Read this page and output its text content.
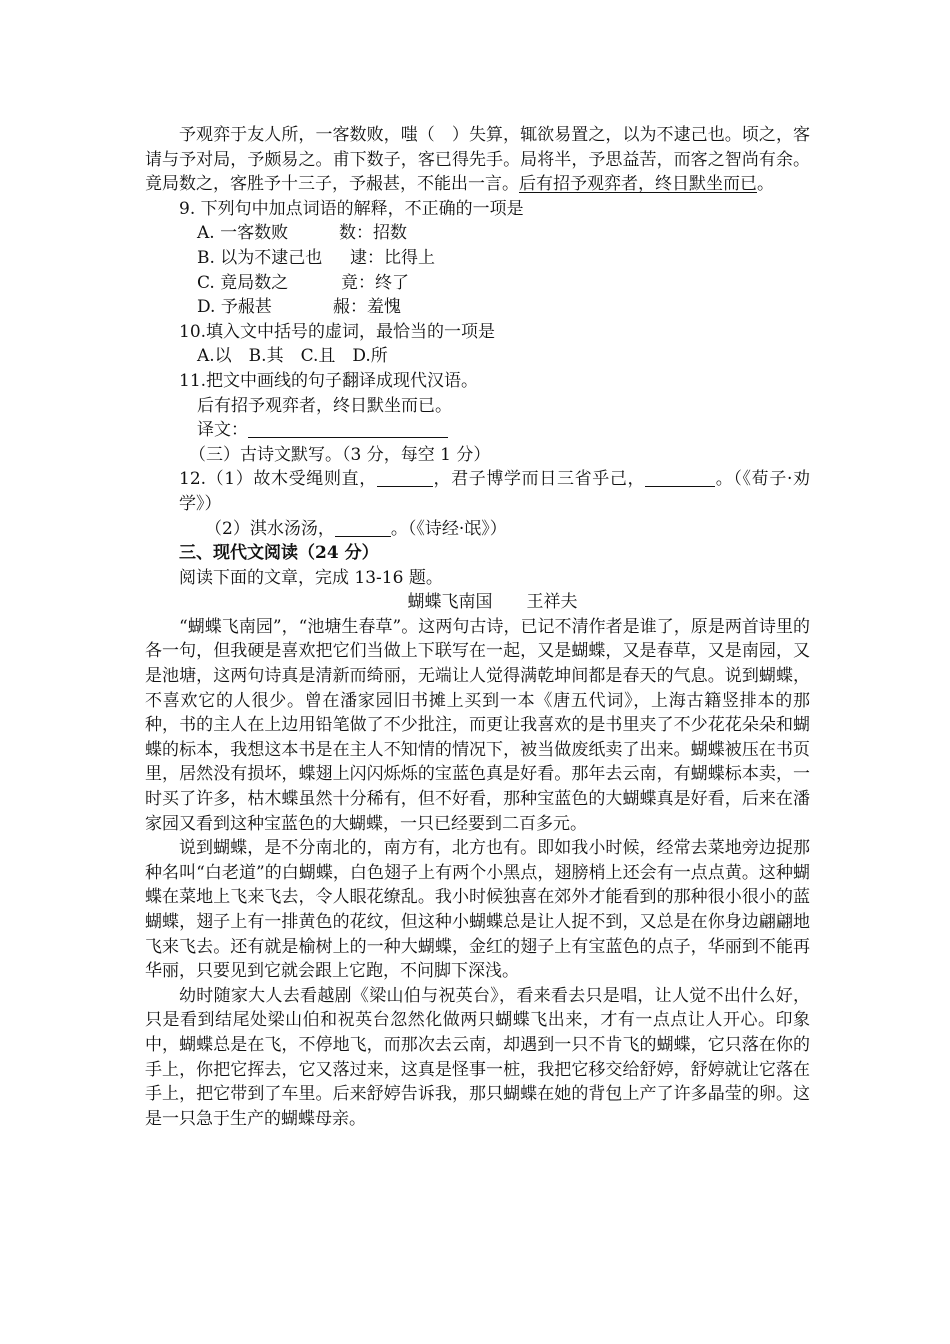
予观弈于友人所，一客数败，嗤（　）失算，辄欲易置之，以为不逮己也。顷之，客请与予对局，予颇易之。甫下数子，客已得先手。局将半，予思益苦，而客之智尚有余。竟局数之，客胜予十三子，予赧甚，不能出一言。后有招予观弈者，终日默坐而已。

9. 下列句中加点词语的解释，不正确的一项是

A. 一客数败	数：招数

B. 以为不逮己也 逮：比得上

C. 竟局数之	竟：终了

D. 予赧甚	赧：羞愧

10.填入文中括号的虚词，最恰当的一项是

A.以　B.其　C.且　D.所

11.把文中画线的句子翻译成现代汉语。

后有招予观弈者，终日默坐而已。

译文：

（三）古诗文默写。（3 分，每空 1 分）

12.（1）故木受绳则直，	，君子博学而日三省乎己，	。（《荀子·劝学》）

（2）淇水汤汤，	。（《诗经·氓》）

三、现代文阅读（24 分）

阅读下面的文章，完成 13-16 题。

蝴蝶飞南国 王祥夫

“蝴蝶飞南园”，“池塘生春草”。这两句古诗，已记不清作者是谁了，原是两首诗里的各一句，但我硬是喜欢把它们当做上下联写在一起，又是蝴蝶，又是春草，又是南园，又是池塘，这两句诗真是清新而绮丽，无端让人觉得满乾坤间都是春天的气息。说到蝴蝶，不喜欢它的人很少。曾在潘家园旧书摊上买到一本《唐五代词》，上海古籍竖排本的那种，书的主人在上边用铅笔做了不少批注，而更让我喜欢的是书里夹了不少花花朵朵和蝴蝶的标本，我想这本书是在主人不知情的情况下，被当做废纸卖了出来。蝴蝶被压在书页里，居然没有损坏，蝶翅上闪闪烁烁的宝蓝色真是好看。那年去云南，有蝴蝶标本卖，一时买了许多，枯木蝶虽然十分稀有，但不好看，那种宝蓝色的大蝴蝶真是好看，后来在潘家园又看到这种宝蓝色的大蝴蝶，一只已经要到二百多元。

说到蝴蝶，是不分南北的，南方有，北方也有。即如我小时候，经常去菜地旁边捉那种名叫“白老道”的白蝴蝶，白色翅子上有两个小黑点，翅膀梢上还会有一点点黄。这种蝴蝶在菜地上飞来飞去，令人眼花缭乱。我小时候独喜在郊外才能看到的那种很小很小的蓝蝴蝶，翅子上有一排黄色的花纹，但这种小蝴蝶总是让人捉不到，又总是在你身边翩翩地飞来飞去。还有就是榆树上的一种大蝴蝶，金红的翅子上有宝蓝色的点子，华丽到不能再华丽，只要见到它就会跟上它跑，不问脚下深浅。

幼时随家大人去看越剧《梁山伯与祝英台》，看来看去只是唱，让人觉不出什么好，只是看到结尾处梁山伯和祝英台忽然化做两只蝴蝶飞出来，才有一点点让人开心。印象中，蝴蝶总是在飞，不停地飞，而那次去云南，却遇到一只不肯飞的蝴蝶，它只落在你的手上，你把它挥去，它又落过来，这真是怪事一桩，我把它移交给舒婷，舒婷就让它落在手上，把它带到了车里。后来舒婷告诉我，那只蝴蝶在她的背包上产了许多晶莹的卵。这是一只急于生产的蝴蝶母亲。
